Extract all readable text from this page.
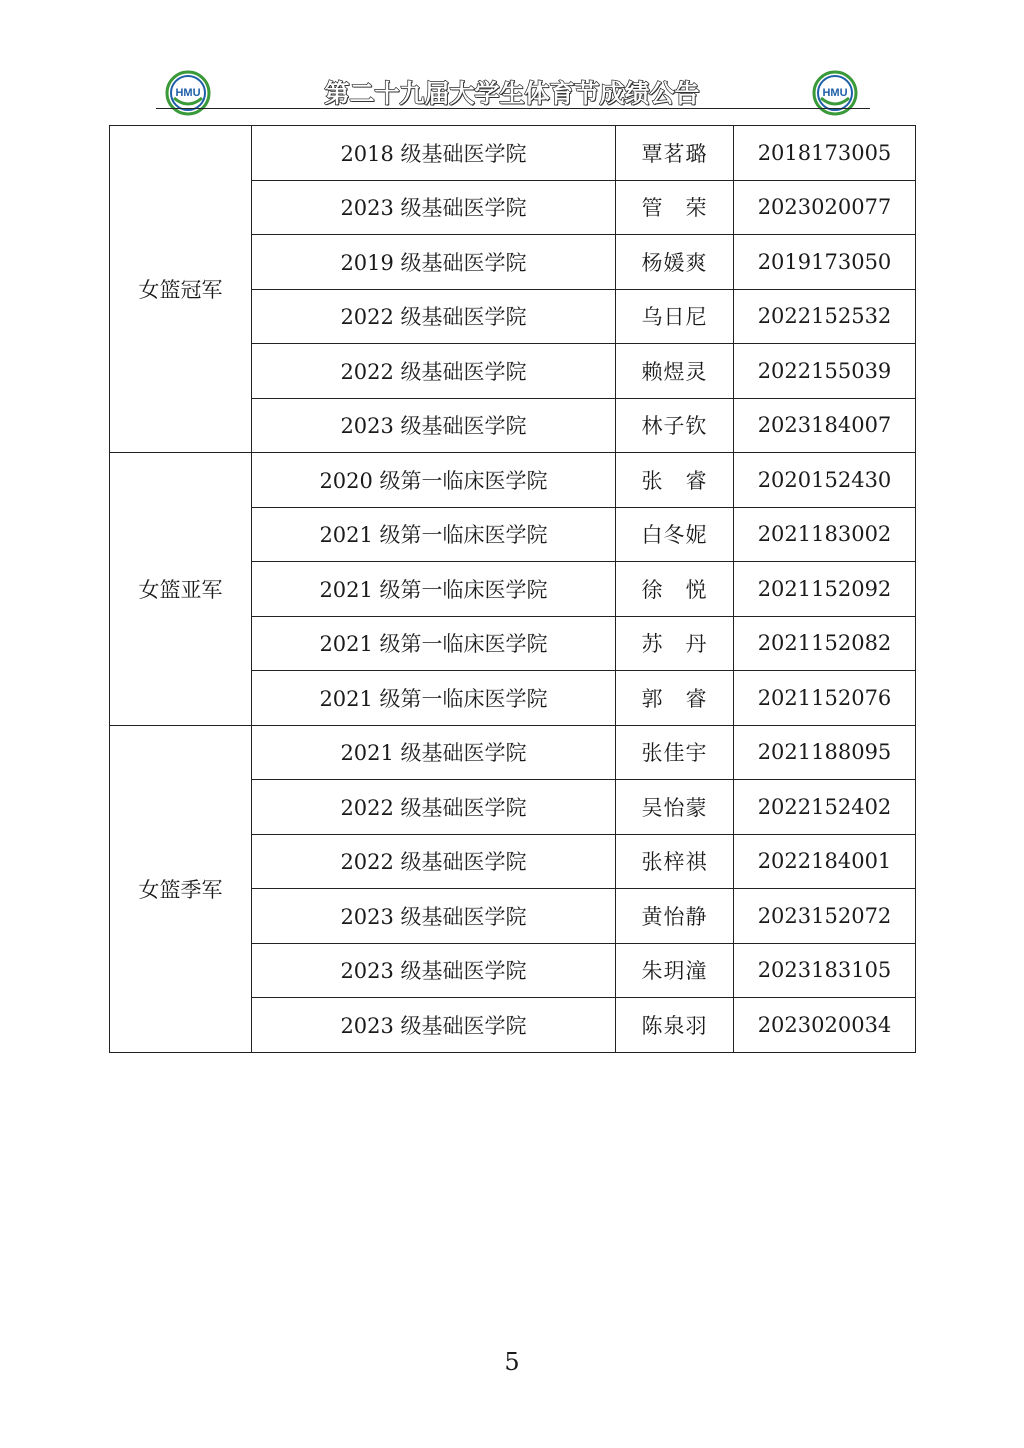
HMU	第二十九届大学生体育节成绩公告	HMU
女篮冠军	2018 级基础医学院	覃茗璐	2018173005
	2023 级基础医学院	管　荣	2023020077
	2019 级基础医学院	杨媛爽	2019173050
	2022 级基础医学院	乌日尼	2022152532
	2022 级基础医学院	赖煜灵	2022155039
	2023 级基础医学院	林子钦	2023184007
女篮亚军	2020 级第一临床医学院	张　睿	2020152430
	2021 级第一临床医学院	白冬妮	2021183002
	2021 级第一临床医学院	徐　悦	2021152092
	2021 级第一临床医学院	苏　丹	2021152082
	2021 级第一临床医学院	郭　睿	2021152076
女篮季军	2021 级基础医学院	张佳宇	2021188095
	2022 级基础医学院	吴怡蒙	2022152402
	2022 级基础医学院	张梓祺	2022184001
	2023 级基础医学院	黄怡静	2023152072
	2023 级基础医学院	朱玥潼	2023183105
	2023 级基础医学院	陈泉羽	2023020034
5
